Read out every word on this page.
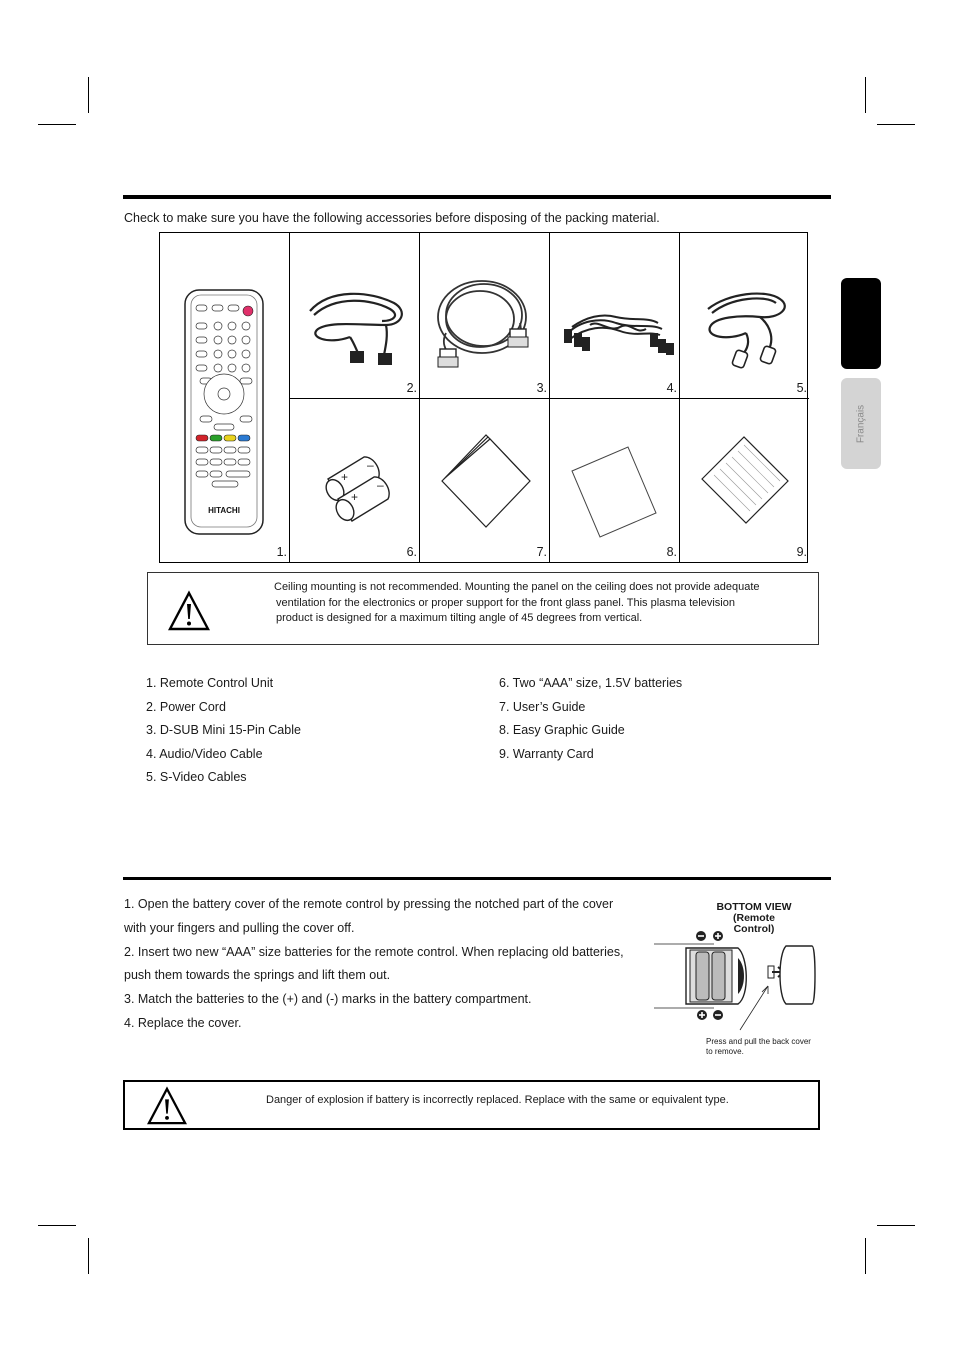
Français
Check to make sure you have the following accessories before disposing of the packing material.
HITACHI
1.
2.	3.	4.	5.
+
+
–
–
6.	7.	8.	9.
Ceiling mounting is not recommended. Mounting the panel on the ceiling does not provide adequate
ventilation for the electronics or proper support for the front glass panel. This plasma television
product is designed for a maximum tilting angle of 45 degrees from vertical.
1. Remote Control Unit
2. Power Cord
3. D-SUB Mini 15-Pin Cable
4. Audio/Video Cable
5. S-Video Cables
6. Two “AAA” size, 1.5V batteries
7. User’s Guide
8. Easy Graphic Guide
9. Warranty Card
1. Open the battery cover of the remote control by pressing the notched part of the cover
with your fingers and pulling the cover off.
2. Insert two new “AAA” size batteries for the remote control. When replacing old batteries,
push them towards the springs and lift them out.
3. Match the batteries to the (+) and (-) marks in the battery compartment.
4. Replace the cover.
BOTTOM VIEW
(Remote Control)
Press and pull the back cover
to remove.
Danger of explosion if battery is incorrectly replaced. Replace with the same or equivalent type.
